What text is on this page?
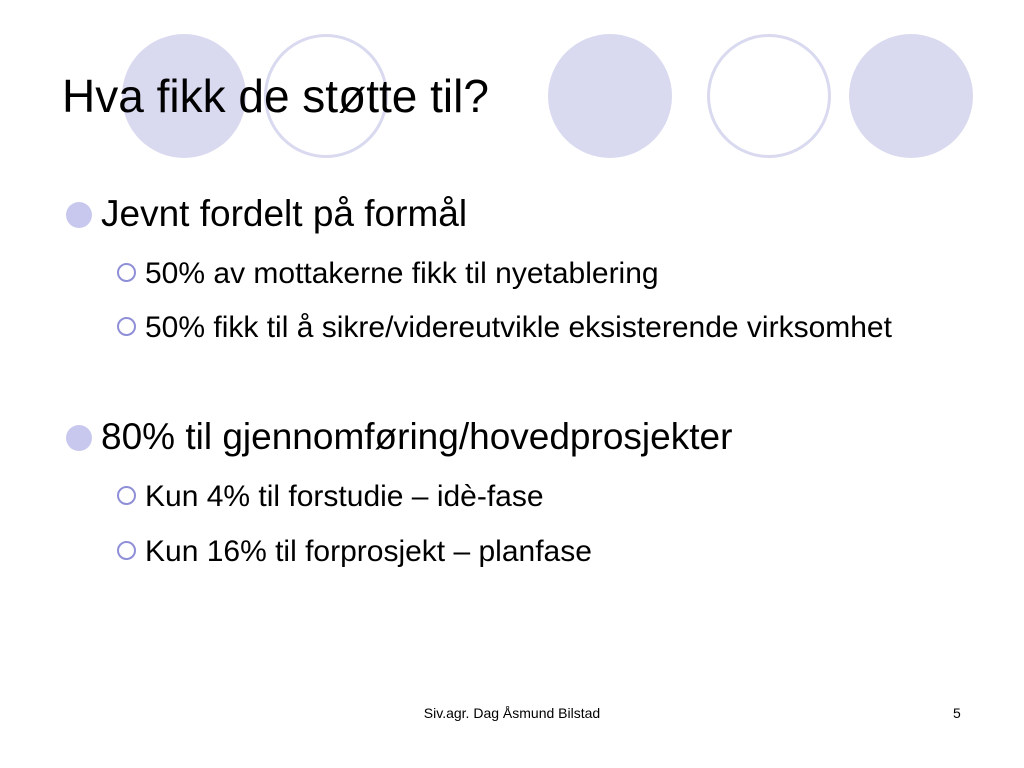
Hva fikk de støtte til?
Jevnt fordelt på formål
50% av mottakerne fikk til nyetablering
50% fikk til å sikre/videreutvikle eksisterende virksomhet
80% til gjennomføring/hovedprosjekter
Kun 4% til forstudie – idè-fase
Kun 16% til forprosjekt – planfase
Siv.agr. Dag Åsmund Bilstad	5
